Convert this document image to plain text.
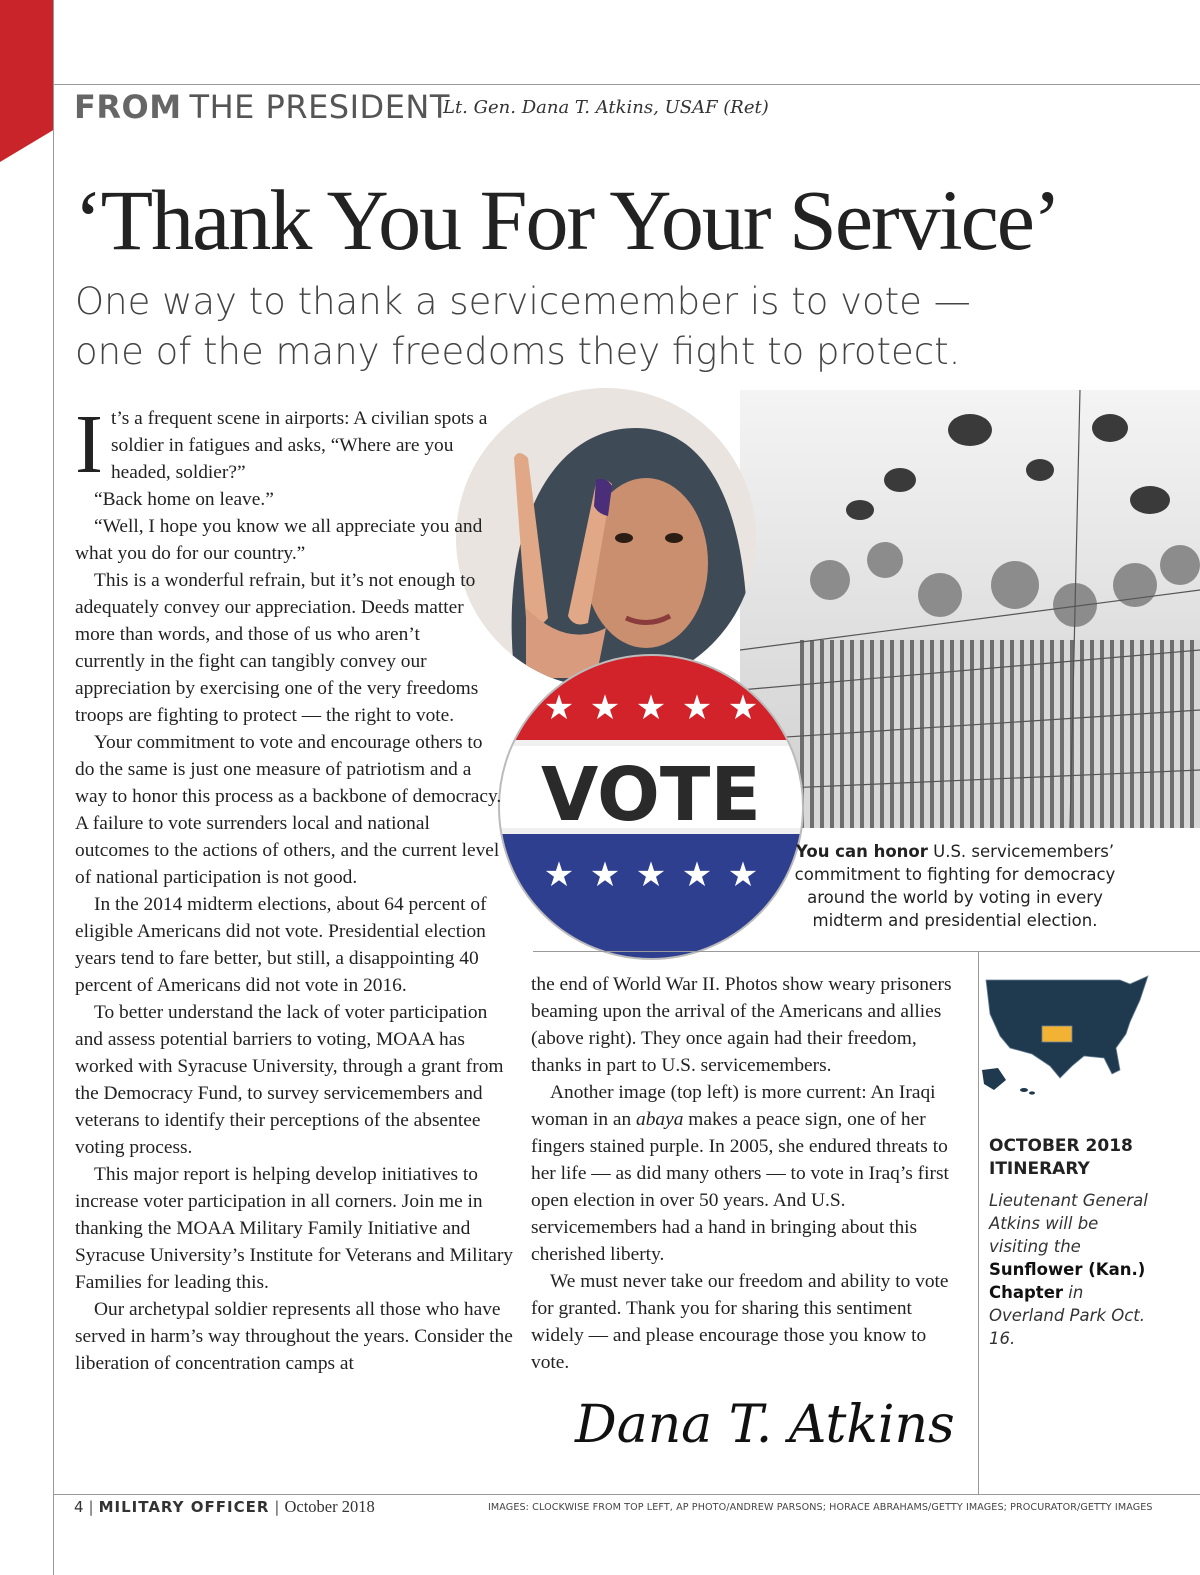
FROM THE PRESIDENT
Lt. Gen. Dana T. Atkins, USAF (Ret)
‘Thank You For Your Service’
One way to thank a servicemember is to vote — one of the many freedoms they fight to protect.
★ ★ ★ ★ ★
★ ★ ★ ★ ★
VOTE
You can honor U.S. servicemembers’ commitment to fighting for democracy around the world by voting in every midterm and presidential election.

It’s a frequent scene in airports: A civilian spots a soldier in fatigues and asks, “Where are you headed, soldier?”

“Back home on leave.”

“Well, I hope you know we all appreciate you and what you do for our country.”

This is a wonderful refrain, but it’s not enough to adequately convey our appreciation. Deeds matter more than words, and those of us who aren’t currently in the fight can tangibly convey our appreciation by exercising one of the very freedoms troops are fighting to protect — the right to vote.

Your commitment to vote and encourage others to do the same is just one measure of patriotism and a way to honor this process as a backbone of democracy. A failure to vote surrenders local and national outcomes to the actions of others, and the current level of national participation is not good.

In the 2014 midterm elections, about 64 percent of eligible Americans did not vote. Presidential election years tend to fare better, but still, a disappointing 40 percent of Americans did not vote in 2016.

To better understand the lack of voter participation and assess potential barriers to voting, MOAA has worked with Syracuse University, through a grant from the Democracy Fund, to survey servicemembers and veterans to identify their perceptions of the absentee voting process.

This major report is helping develop initiatives to increase voter participation in all corners. Join me in thanking the MOAA Military Family Initiative and Syracuse University’s Institute for Veterans and Military Families for leading this.

Our archetypal soldier represents all those who have served in harm’s way throughout the years. Consider the liberation of concentration camps at

the end of World War II. Photos show weary prisoners beaming upon the arrival of the Americans and allies (above right). They once again had their freedom, thanks in part to U.S. servicemembers.

Another image (top left) is more current: An Iraqi woman in an abaya makes a peace sign, one of her fingers stained purple. In 2005, she endured threats to her life — as did many others — to vote in Iraq’s first open election in over 50 years. And U.S. servicemembers had a hand in bringing about this cherished liberty.

We must never take our freedom and ability to vote for granted. Thank you for sharing this sentiment widely — and please encourage those you know to vote.

Dana T. Atkins
OCTOBER 2018 ITINERARY
Lieutenant General Atkins will be visiting the Sunflower (Kan.) Chapter in Overland Park Oct. 16.
4 | MILITARY OFFICER | October 2018	IMAGES: CLOCKWISE FROM TOP LEFT, AP PHOTO/ANDREW PARSONS; HORACE ABRAHAMS/GETTY IMAGES; PROCURATOR/GETTY IMAGES
